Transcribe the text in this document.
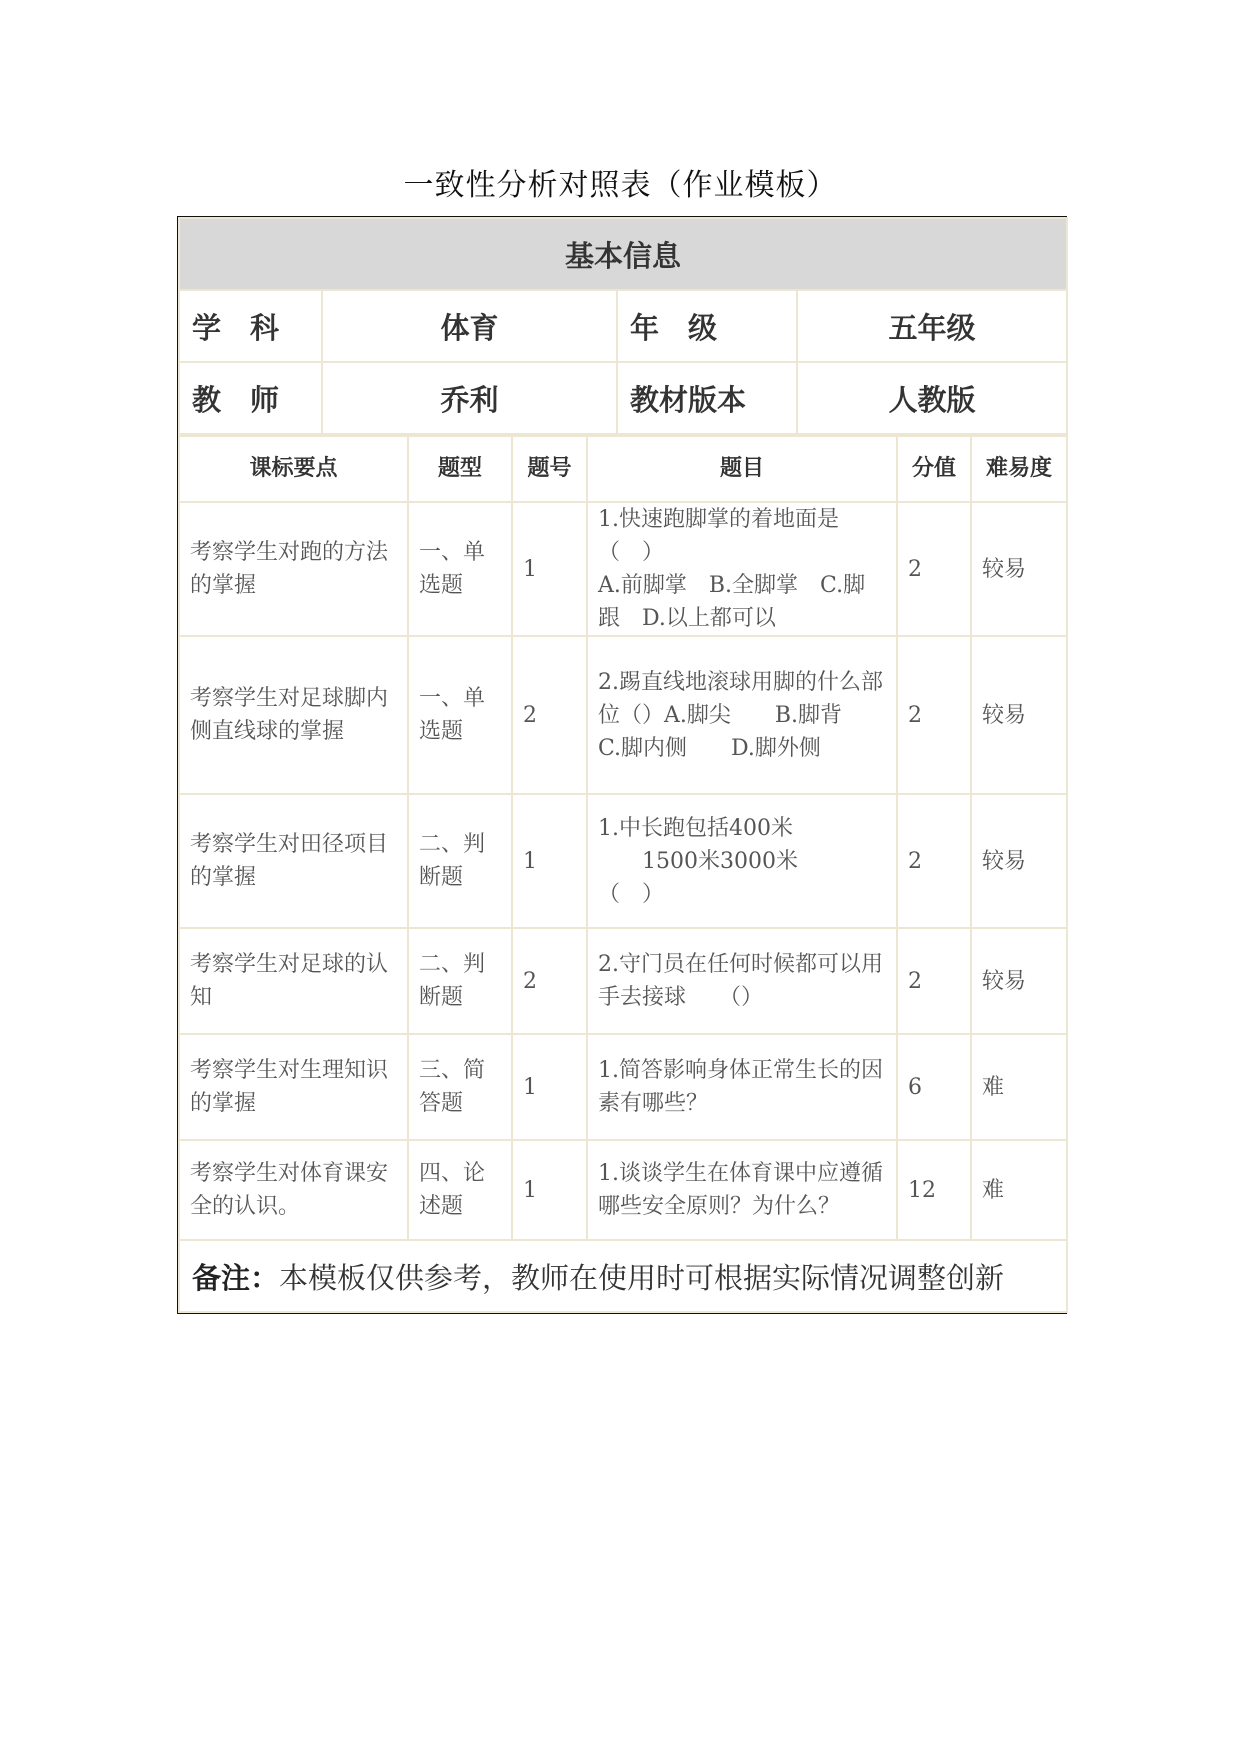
一致性分析对照表（作业模板）
基本信息			
学　科	体育	年　级	五年级
教　师	乔利	教材版本	人教版
课标要点	题型	题号	题目	分值	难易度
考察学生对跑的方法的掌握	一、单选题	1	1.快速跑脚掌的着地面是（　）
A.前脚掌　B.全脚掌　C.脚跟　D.以上都可以	2	较易
考察学生对足球脚内侧直线球的掌握	一、单选题	2	2.踢直线地滚球用脚的什么部位（）A.脚尖　　B.脚背　　C.脚内侧　　D.脚外侧	2	较易
考察学生对田径项目的掌握	二、判断题	1	1.中长跑包括400米
　　1500米3000米
（　）	2	较易
考察学生对足球的认知	二、判断题	2	2.守门员在任何时候都可以用手去接球　　（）	2	较易
考察学生对生理知识的掌握	三、简答题	1	1.简答影响身体正常生长的因素有哪些？	6	难
考察学生对体育课安全的认识。	四、论述题	1	1.谈谈学生在体育课中应遵循哪些安全原则？为什么？	12	难
备注：本模板仅供参考，教师在使用时可根据实际情况调整创新					
